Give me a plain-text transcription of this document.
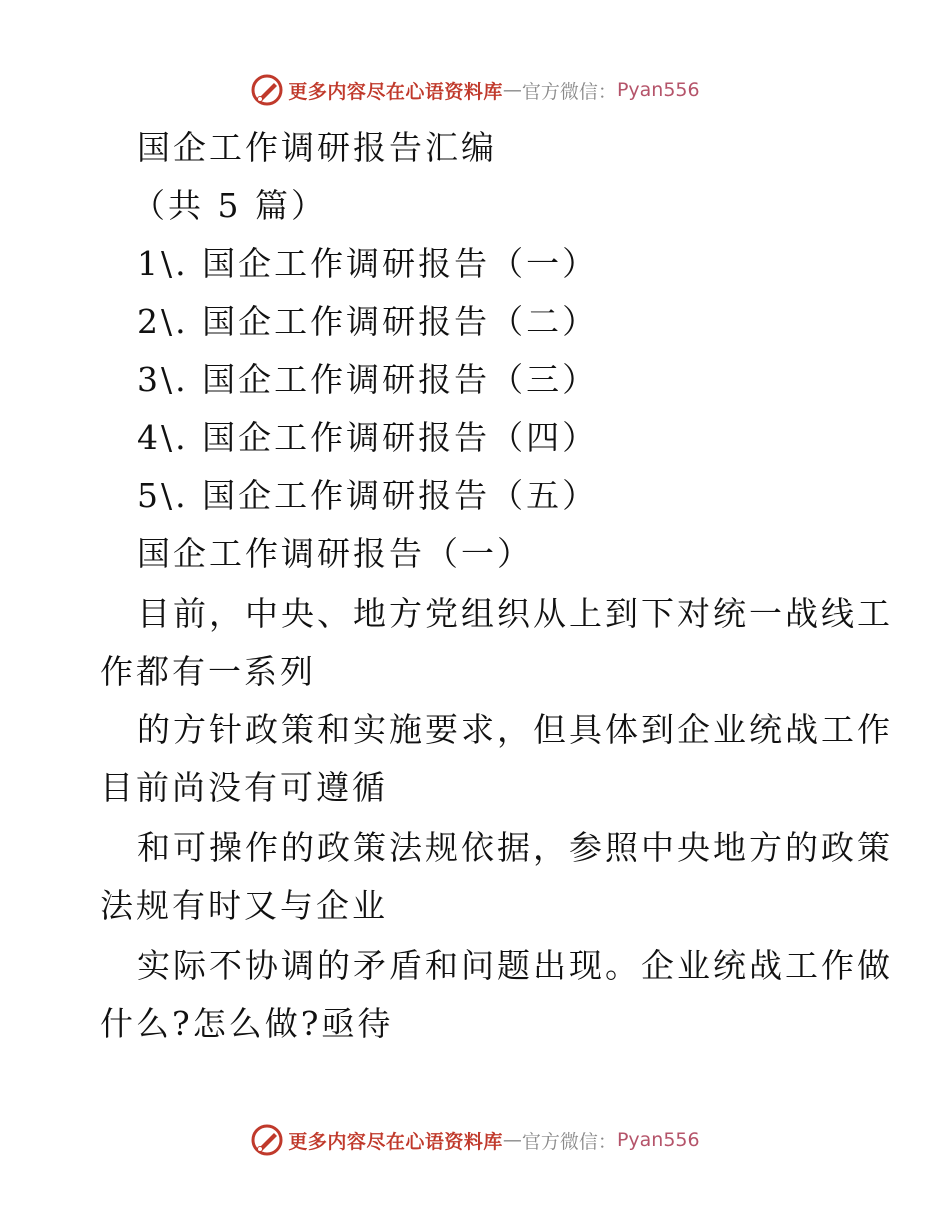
更多内容尽在心语资料库 — 官方微信： Pyan556
国企工作调研报告汇编
（共 5 篇）
1\. 国企工作调研报告（一）
2\. 国企工作调研报告（二）
3\. 国企工作调研报告（三）
4\. 国企工作调研报告（四）
5\. 国企工作调研报告（五）
国企工作调研报告（一）
目前，中央、地方党组织从上到下对统一战线工
作都有一系列
的方针政策和实施要求，但具体到企业统战工作
目前尚没有可遵循
和可操作的政策法规依据，参照中央地方的政策
法规有时又与企业
实际不协调的矛盾和问题出现。企业统战工作做
什么?怎么做?亟待
更多内容尽在心语资料库 — 官方微信： Pyan556
